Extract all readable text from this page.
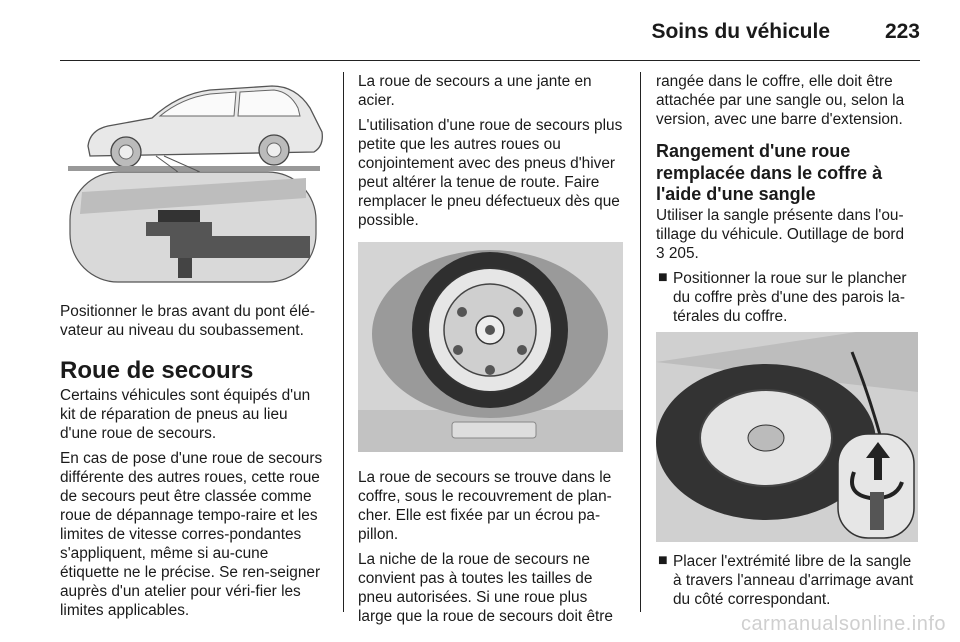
Soins du véhicule	223

Positionner le bras avant du pont élé-vateur au niveau du soubassement.

Roue de secours

Certains véhicules sont équipés d'un kit de réparation de pneus au lieu d'une roue de secours.

En cas de pose d'une roue de secours différente des autres roues, cette roue de secours peut être classée comme roue de dépannage tempo-raire et les limites de vitesse corres-pondantes s'appliquent, même si au-cune étiquette ne le précise. Se ren-seigner auprès d'un atelier pour véri-fier les limites applicables.

La roue de secours a une jante en acier.

L'utilisation d'une roue de secours plus petite que les autres roues ou conjointement avec des pneus d'hiver peut altérer la tenue de route. Faire remplacer le pneu défectueux dès que possible.

La roue de secours se trouve dans le coffre, sous le recouvrement de plan-cher. Elle est fixée par un écrou pa-pillon.

La niche de la roue de secours ne convient pas à toutes les tailles de pneu autorisées. Si une roue plus large que la roue de secours doit être

rangée dans le coffre, elle doit être attachée par une sangle ou, selon la version, avec une barre d'extension.

Rangement d'une roue remplacée dans le coffre à l'aide d'une sangle

Utiliser la sangle présente dans l'ou-tillage du véhicule. Outillage de bord
3 205.

■ Positionner la roue sur le plancher du coffre près d'une des parois la-térales du coffre.

■ Placer l'extrémité libre de la sangle à travers l'anneau d'arrimage avant du côté correspondant.

carmanualsonline.info
